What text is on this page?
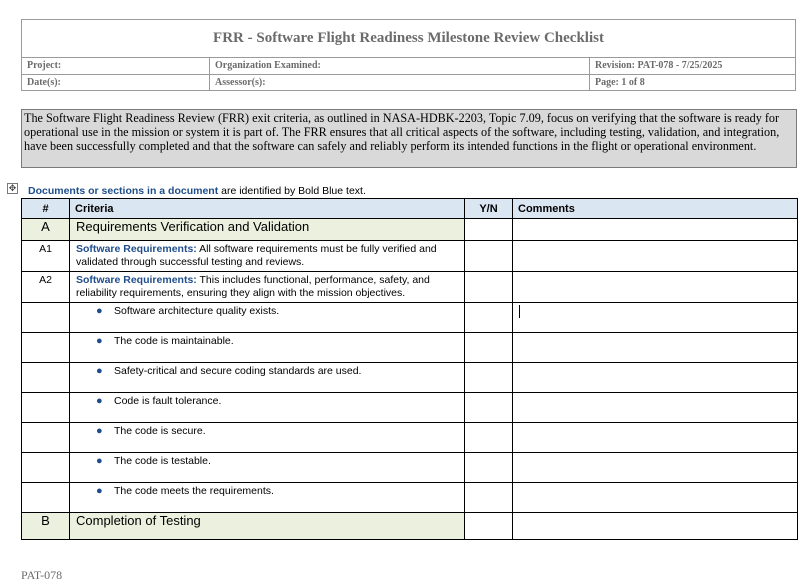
FRR - Software Flight Readiness Milestone Review Checklist
Project:	Organization Examined:	Revision: PAT-078 - 7/25/2025
Date(s):	Assessor(s):	Page: 1 of 8
The Software Flight Readiness Review (FRR) exit criteria, as outlined in NASA-HDBK-2203, Topic 7.09, focus on verifying that the software is ready for operational use in the mission or system it is part of. The FRR ensures that all critical aspects of the software, including testing, validation, and integration, have been successfully completed and that the software can safely and reliably perform its intended functions in the flight or operational environment.
✥ Documents or sections in a document are identified by Bold Blue text.
#	Criteria	Y/N	Comments
A	Requirements Verification and Validation		
A1	Software Requirements: All software requirements must be fully verified and validated through successful testing and reviews.		
A2	Software Requirements: This includes functional, performance, safety, and reliability requirements, ensuring they align with the mission objectives.		

	● Software architecture quality exists.		

	● The code is maintainable.		

	● Safety-critical and secure coding standards are used.		

	● Code is fault tolerance.		

	● The code is secure.		

	● The code is testable.		

	● The code meets the requirements.		
B	Completion of Testing		
PAT-078
